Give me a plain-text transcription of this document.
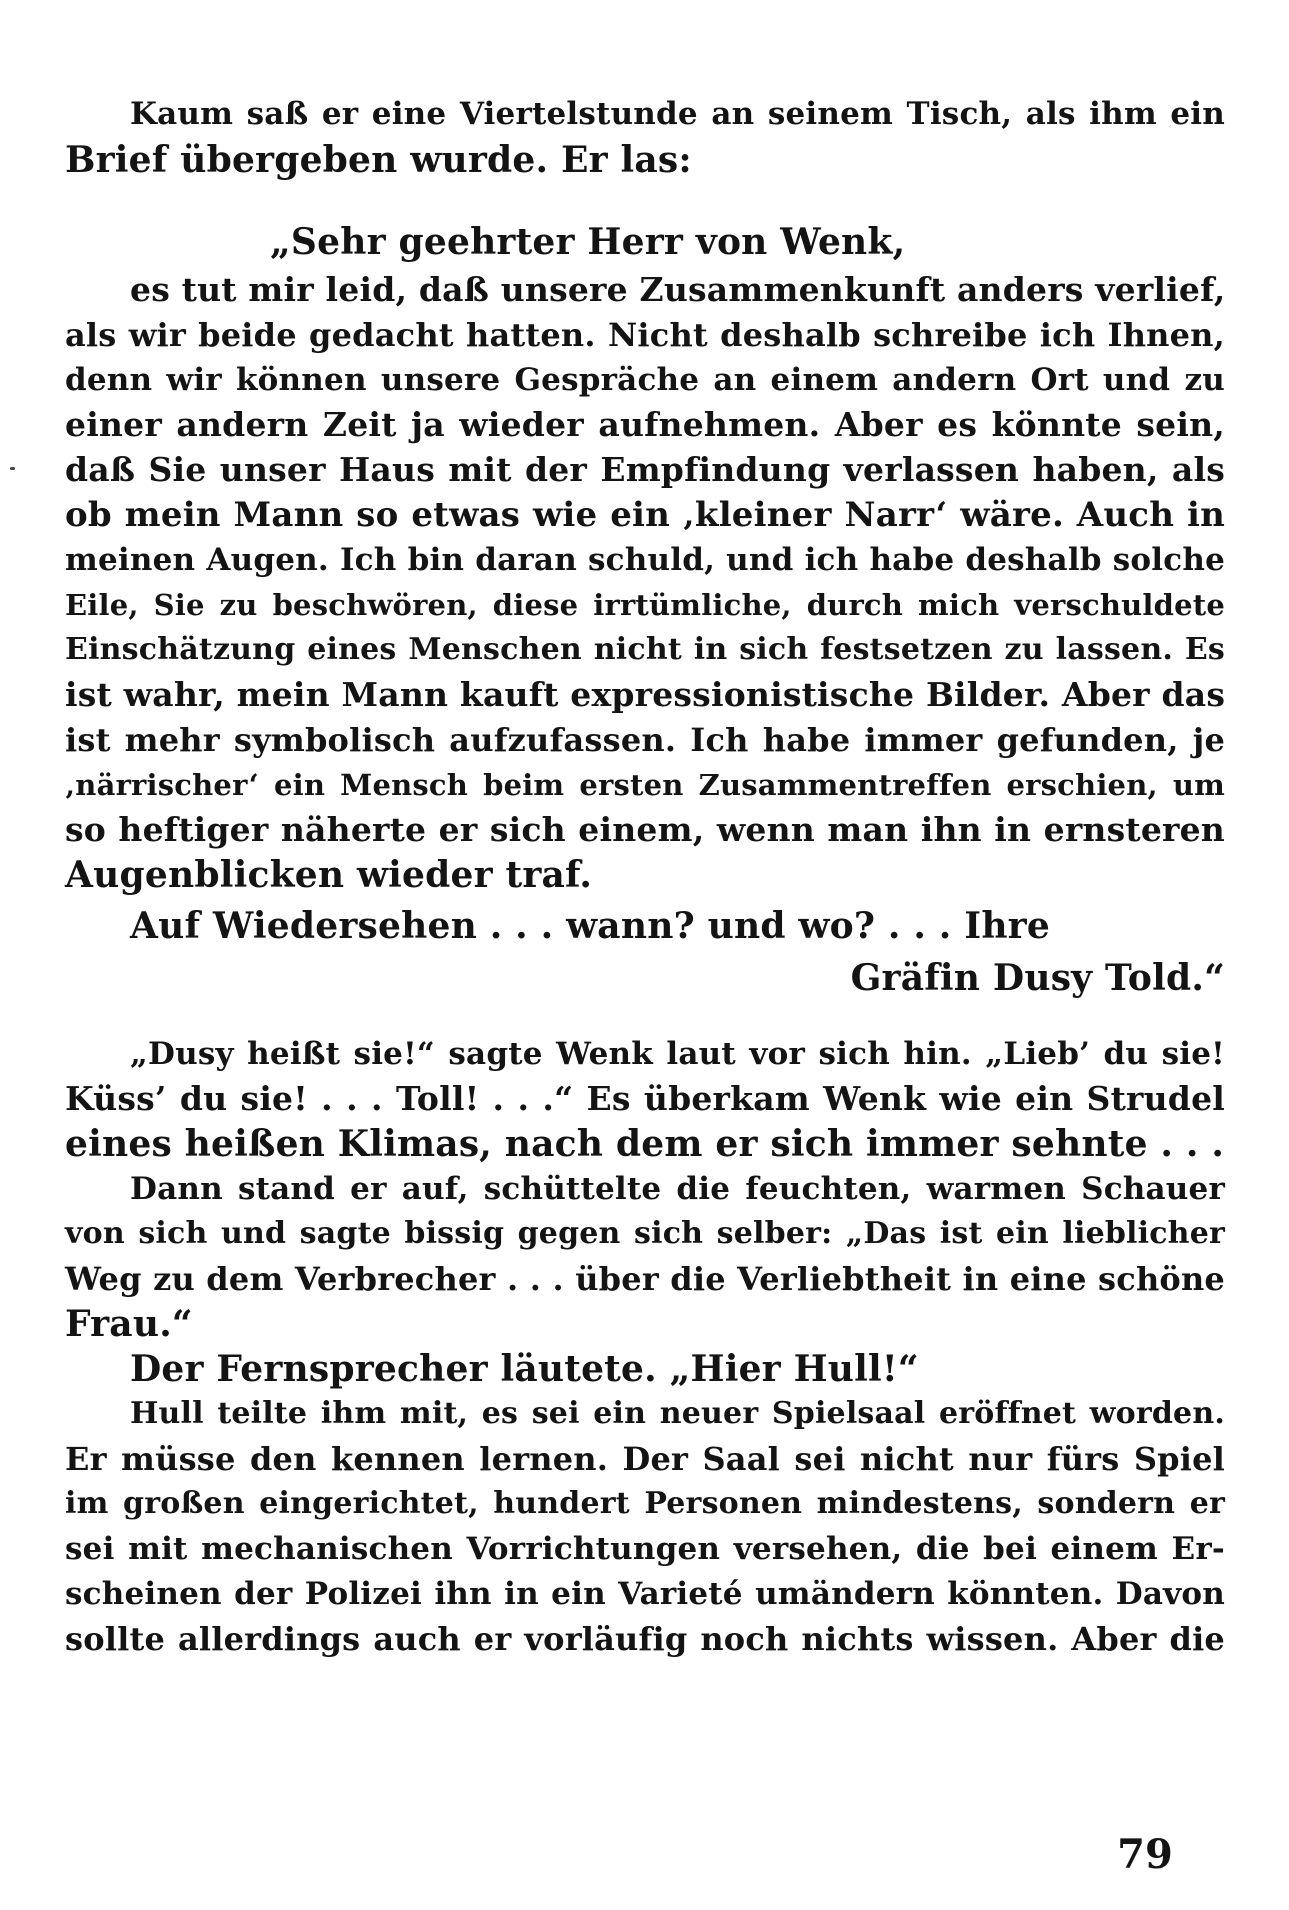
Kaum saß er eine Viertelstunde an seinem Tisch, als ihm ein
Brief übergeben wurde. Er las:
„Sehr geehrter Herr von Wenk,
es tut mir leid, daß unsere Zusammenkunft anders verlief,
als wir beide gedacht hatten. Nicht deshalb schreibe ich Ihnen,
denn wir können unsere Gespräche an einem andern Ort und zu
einer andern Zeit ja wieder aufnehmen. Aber es könnte sein,
daß Sie unser Haus mit der Empfindung verlassen haben, als
ob mein Mann so etwas wie ein ‚kleiner Narr‘ wäre. Auch in
meinen Augen. Ich bin daran schuld, und ich habe deshalb solche
Eile, Sie zu beschwören, diese irrtümliche, durch mich verschuldete
Einschätzung eines Menschen nicht in sich festsetzen zu lassen. Es
ist wahr, mein Mann kauft expressionistische Bilder. Aber das
ist mehr symbolisch aufzufassen. Ich habe immer gefunden, je
‚närrischer‘ ein Mensch beim ersten Zusammentreffen erschien, um
so heftiger näherte er sich einem, wenn man ihn in ernsteren
Augenblicken wieder traf.
Auf Wiedersehen . . . wann? und wo? . . . Ihre
Gräfin Dusy Told.“
„Dusy heißt sie!“ sagte Wenk laut vor sich hin. „Lieb’ du sie!
Küss’ du sie! . . . Toll! . . .“ Es überkam Wenk wie ein Strudel
eines heißen Klimas, nach dem er sich immer sehnte . . .
Dann stand er auf, schüttelte die feuchten, warmen Schauer
von sich und sagte bissig gegen sich selber: „Das ist ein lieblicher
Weg zu dem Verbrecher . . . über die Verliebtheit in eine schöne
Frau.“
Der Fernsprecher läutete. „Hier Hull!“
Hull teilte ihm mit, es sei ein neuer Spielsaal eröffnet worden.
Er müsse den kennen lernen. Der Saal sei nicht nur fürs Spiel
im großen eingerichtet, hundert Personen mindestens, sondern er
sei mit mechanischen Vorrichtungen versehen, die bei einem Er-
scheinen der Polizei ihn in ein Varieté umändern könnten. Davon
sollte allerdings auch er vorläufig noch nichts wissen. Aber die
79
